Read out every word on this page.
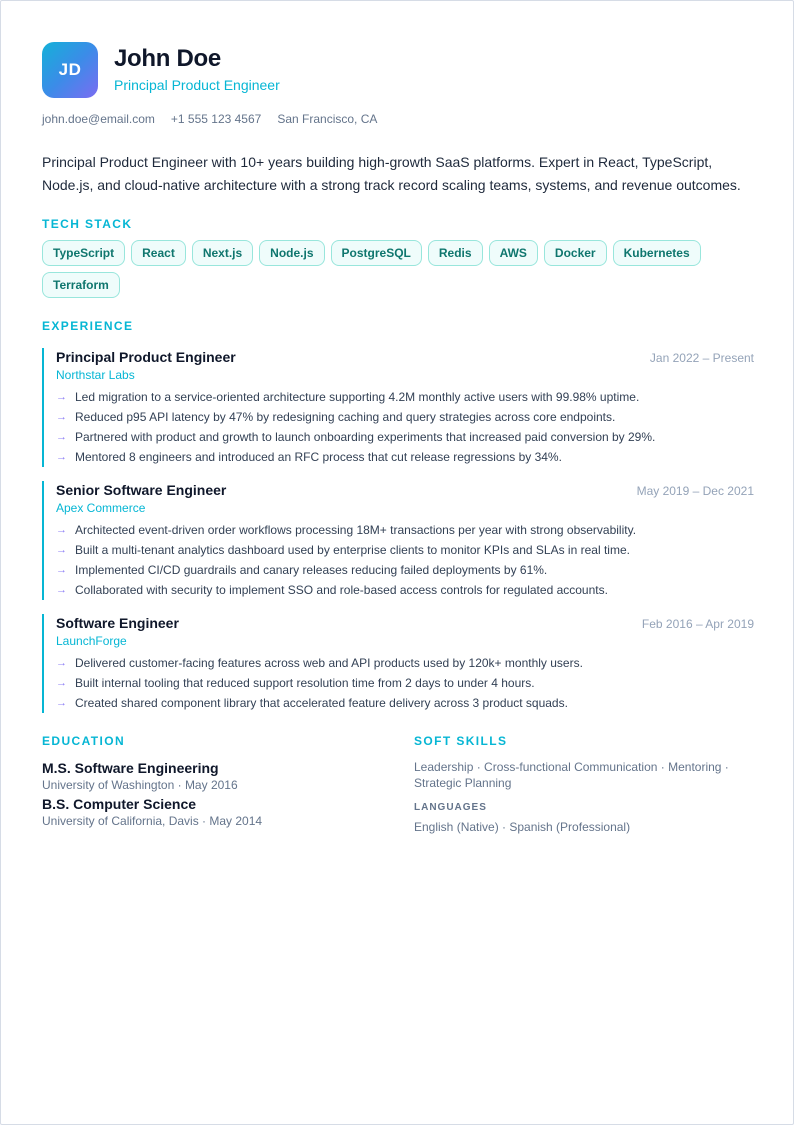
JD	John Doe
Principal Product Engineer
john.doe@email.com +1 555 123 4567 San Francisco, CA

Principal Product Engineer with 10+ years building high-growth SaaS platforms. Expert in React, TypeScript, Node.js, and cloud-native architecture with a strong track record scaling teams, systems, and revenue outcomes.

TECH STACK
TypeScript	React	Next.js	Node.js	PostgreSQL	Redis	AWS	Docker	Kubernetes
Terraform
EXPERIENCE
Principal Product Engineer	Jan 2022 – Present
Northstar Labs
→ Led migration to a service-oriented architecture supporting 4.2M monthly active users with 99.98% uptime.
→ Reduced p95 API latency by 47% by redesigning caching and query strategies across core endpoints.
→ Partnered with product and growth to launch onboarding experiments that increased paid conversion by 29%.
→ Mentored 8 engineers and introduced an RFC process that cut release regressions by 34%.
Senior Software Engineer	May 2019 – Dec 2021
Apex Commerce
→ Architected event-driven order workflows processing 18M+ transactions per year with strong observability.
→ Built a multi-tenant analytics dashboard used by enterprise clients to monitor KPIs and SLAs in real time.
→ Implemented CI/CD guardrails and canary releases reducing failed deployments by 61%.
→ Collaborated with security to implement SSO and role-based access controls for regulated accounts.
Software Engineer	Feb 2016 – Apr 2019
LaunchForge
→ Delivered customer-facing features across web and API products used by 120k+ monthly users.
→ Built internal tooling that reduced support resolution time from 2 days to under 4 hours.
→ Created shared component library that accelerated feature delivery across 3 product squads.
EDUCATION
M.S. Software Engineering
University of Washington · May 2016
B.S. Computer Science
University of California, Davis · May 2014
SOFT SKILLS
Leadership · Cross-functional Communication · Mentoring · Strategic Planning
LANGUAGES
English (Native) · Spanish (Professional)
